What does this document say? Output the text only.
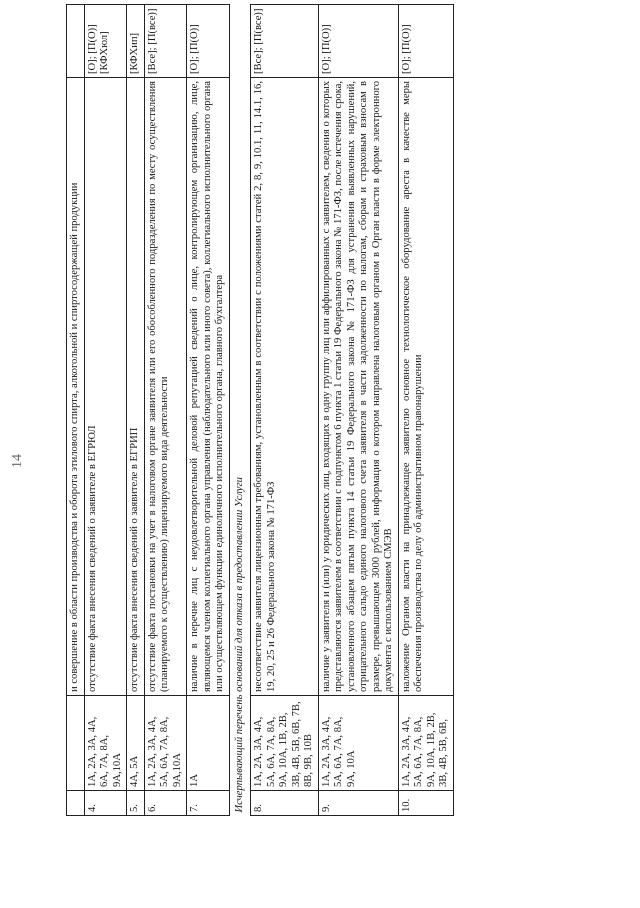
14
			и совершение в области производства и оборота этилового спирта, алкогольной и спиртосодержащей продукции	
4.	1А, 2А, 3А, 4А, 6А, 7А, 8А, 9А,10А	отсутствие факта внесения сведений о заявителе в ЕГРЮЛ	[О]; [П(О)] [КФХюл]
5.	4А, 5А	отсутствие факта внесения сведений о заявителе в ЕГРИП	[КФХип]
6.	1А, 2А, 3А, 4А, 5А, 6А, 7А, 8А, 9А,10А	отсутствие факта постановки на учет в налоговом органе заявителя или его обособленного подразделения по месту осуществления (планируемого к осуществлению) лицензируемого вида деятельности	[Все]; [П(все)]
7.	1А	наличие в перечне лиц с неудовлетворительной деловой репутацией сведений о лице, контролирующем организацию, лице, являющемся членом коллегиального органа управления (наблюдательного или иного совета), коллегиального исполнительного органа или осуществляющем функции единоличного исполнительного органа, главного бухгалтера	[О]; [П(О)]
Исчерпывающий перечень оснований для отказа в предоставлении Услуги			
8.	1А, 2А, 3А, 4А, 5А, 6А, 7А, 8А, 9А, 10А, 1В, 2В, 3В, 4В, 5В, 6В, 7В, 8В, 9В, 10В	несоответствие заявителя лицензионным требованиям, установленным в соответствии с положениями статей 2, 8, 9, 10.1, 11, 14.1, 16, 19, 20, 25 и 26 Федерального закона № 171-ФЗ	[Все]; [П(все)]
9.	1А, 2А, 3А, 4А, 5А, 6А, 7А, 8А, 9А, 10А	наличие у заявителя и (или) у юридических лиц, входящих в одну группу лиц или аффилированных с заявителем, сведения о которых представляются заявителем в соответствии с подпунктом 6 пункта 1 статьи 19 Федерального закона № 171-ФЗ, после истечения срока, установленного абзацем пятым пункта 14 статьи 19 Федерального закона № 171-ФЗ для устранения выявленных нарушений, отрицательного сальдо единого налогового счета заявителя в части задолженности по налогам, сборам и страховым взносам в размере, превышающем 3000 рублей, информация о котором направлена налоговым органом в Орган власти в форме электронного документа с использованием СМЭВ	[О]; [П(О)]
10.	1А, 2А, 3А, 4А, 5А, 6А, 7А, 8А, 9А, 10А, 1В, 2В, 3В, 4В, 5В, 6В,	наложение Органом власти на принадлежащее заявителю основное технологическое оборудование ареста в качестве меры обеспечения производства по делу об административном правонарушении	[О]; [П(О)]
